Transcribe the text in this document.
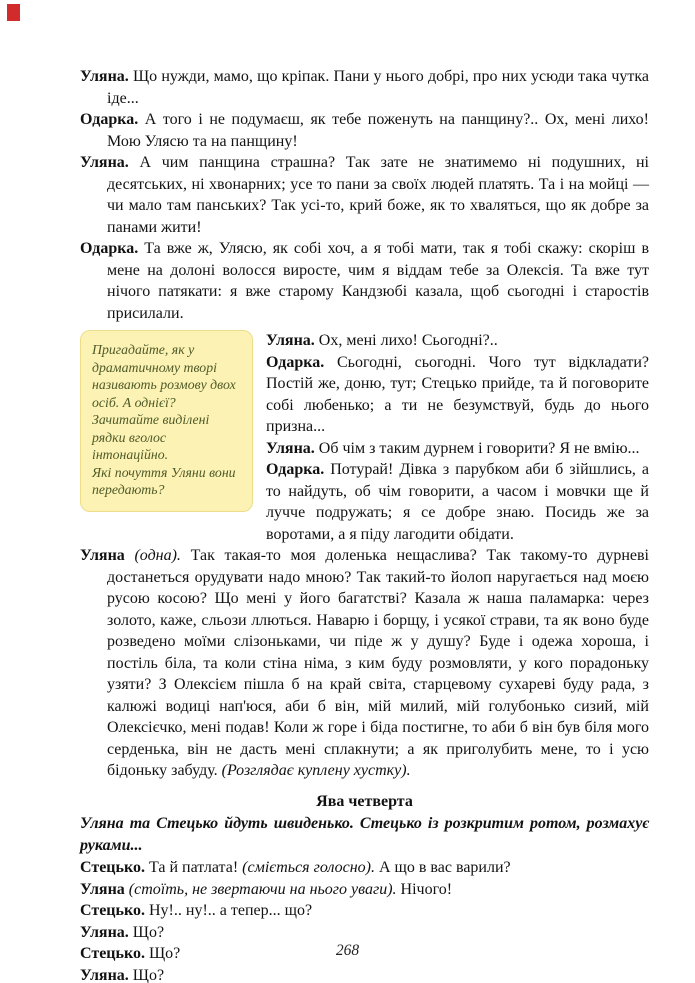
Уляна. Що нужди, мамо, що кріпак. Пани у нього добрі, про них усюди така чутка іде...

Одарка. А того і не подумаєш, як тебе поженуть на панщину?.. Ох, мені лихо! Мою Улясю та на панщину!

Уляна. А чим панщина страшна? Так зате не знатимемо ні подушних, ні десятських, ні хвонарних; усе то пани за своїх людей платять. Та і на мойці — чи мало там панських? Так усі-то, крий боже, як то хваляться, що як добре за панами жити!

Одарка. Та вже ж, Улясю, як собі хоч, а я тобі мати, так я тобі скажу: скоріш в мене на долоні волосся виросте, чим я віддам тебе за Олексія. Та вже тут нічого патякати: я вже старому Кандзюбі казала, щоб сьогодні і старостів присилали.

Пригадайте, як у драматичному творі називають розмову двох осіб. А однієї?

Зачитайте виділені рядки вголос інтонаційно.

Які почуття Уляни вони передають?

Уляна. Ох, мені лихо! Сьогодні?..

Одарка. Сьогодні, сьогодні. Чого тут відкладати? Постій же, доню, тут; Стецько прийде, та й поговорите собі любенько; а ти не безумствуй, будь до нього призна...

Уляна. Об чім з таким дурнем і говорити? Я не вмію...

Одарка. Потурай! Дівка з парубком аби б зійшлись, а то найдуть, об чім говорити, а часом і мовчки ще й лучче подружать; я се добре знаю. Посидь же за воротами, а я піду лагодити обідати.

Уляна (одна). Так такая-то моя доленька нещаслива? Так такому-то дурневі достанеться орудувати надо мною? Так такий-то йолоп наругається над моєю русою косою? Що мені у його багатстві? Казала ж наша паламарка: через золото, каже, сльози ллються. Наварю і борщу, і усякої страви, та як воно буде розведено моїми слізоньками, чи піде ж у душу? Буде і одежа хороша, і постіль біла, та коли стіна німа, з ким буду розмовляти, у кого порадоньку узяти? З Олексієм пішла б на край світа, старцевому сухареві буду рада, з калюжі водиці нап'юся, аби б він, мій милий, мій голубонько сизий, мій Олексієчко, мені подав! Коли ж горе і біда постигне, то аби б він був біля мого серденька, він не дасть мені сплакнути; а як приголубить мене, то і усю бідоньку забуду. (Розглядає куплену хустку).

Ява четверта

Уляна та Стецько йдуть швиденько. Стецько із розкритим ротом, розмахує руками...

Стецько. Та й патлата! (сміється голосно). А що в вас варили?

Уляна (стоїть, не звертаючи на нього уваги). Нічого!

Стецько. Ну!.. ну!.. а тепер... що?

Уляна. Що?

Стецько. Що?

Уляна. Що?

268
